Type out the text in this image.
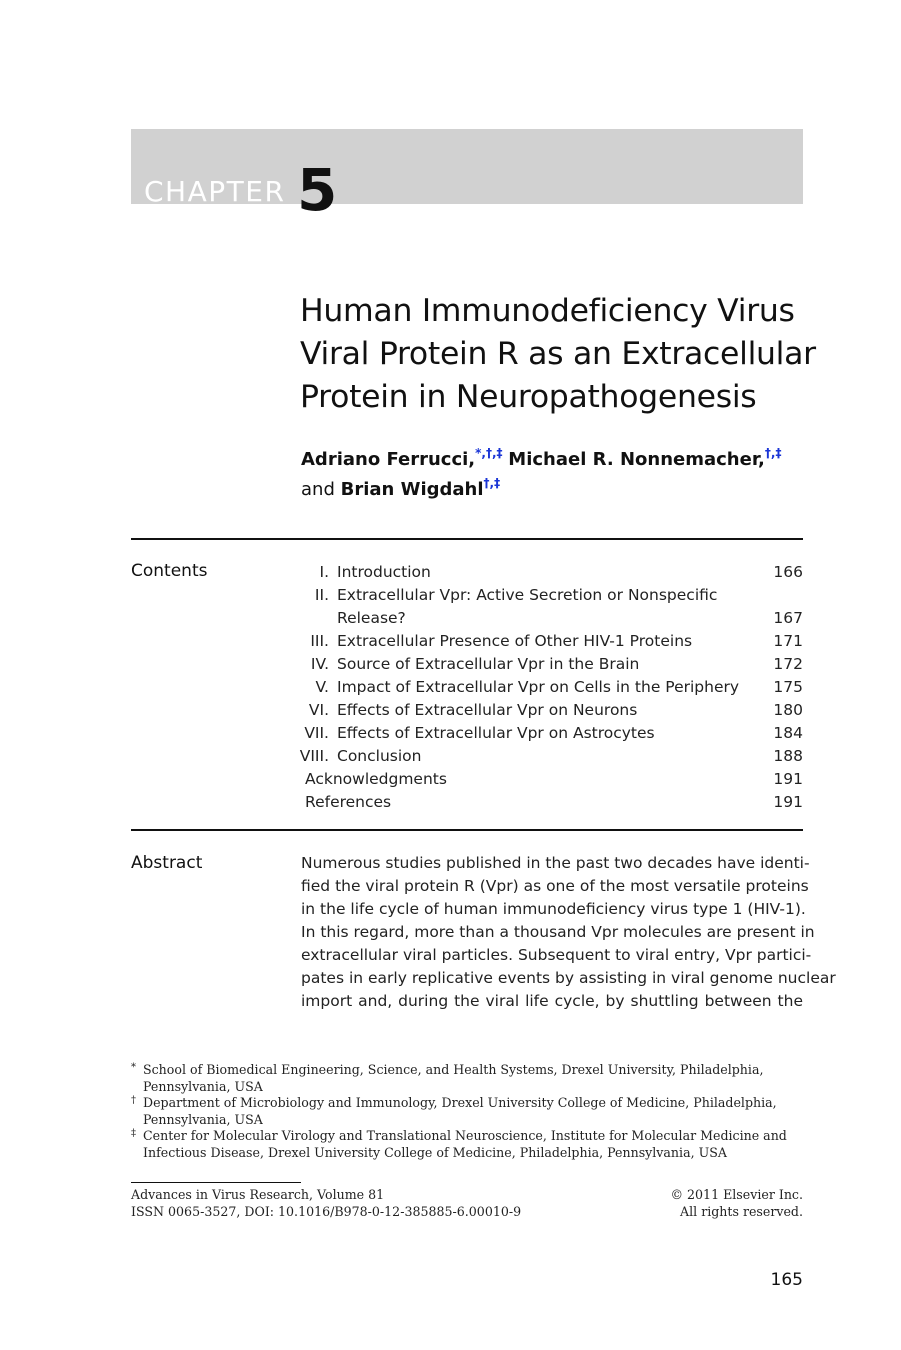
CHAPTER 5
Human Immunodeficiency Virus
Viral Protein R as an Extracellular
Protein in Neuropathogenesis
Adriano Ferrucci,*,†,‡ Michael R. Nonnemacher,†,‡
and Brian Wigdahl†,‡
Contents	I. Introduction	166
II. Extracellular Vpr: Active Secretion or Nonspecific
Release?	167
III. Extracellular Presence of Other HIV-1 Proteins	171
IV. Source of Extracellular Vpr in the Brain	172
V. Impact of Extracellular Vpr on Cells in the Periphery 175
VI. Effects of Extracellular Vpr on Neurons	180
VII. Effects of Extracellular Vpr on Astrocytes	184
VIII. Conclusion	188
Acknowledgments	191
References	191
Abstract	Numerous studies published in the past two decades have identi-
fied the viral protein R (Vpr) as one of the most versatile proteins
in the life cycle of human immunodeficiency virus type 1 (HIV-1).
In this regard, more than a thousand Vpr molecules are present in
extracellular viral particles. Subsequent to viral entry, Vpr partici-
pates in early replicative events by assisting in viral genome nuclear
import and, during the viral life cycle, by shuttling between the
* School of Biomedical Engineering, Science, and Health Systems, Drexel University, Philadelphia,
Pennsylvania, USA
† Department of Microbiology and Immunology, Drexel University College of Medicine, Philadelphia,
Pennsylvania, USA
‡ Center for Molecular Virology and Translational Neuroscience, Institute for Molecular Medicine and
Infectious Disease, Drexel University College of Medicine, Philadelphia, Pennsylvania, USA
Advances in Virus Research, Volume 81
ISSN 0065-3527, DOI: 10.1016/B978-0-12-385885-6.00010-9
© 2011 Elsevier Inc.
All rights reserved.
165
